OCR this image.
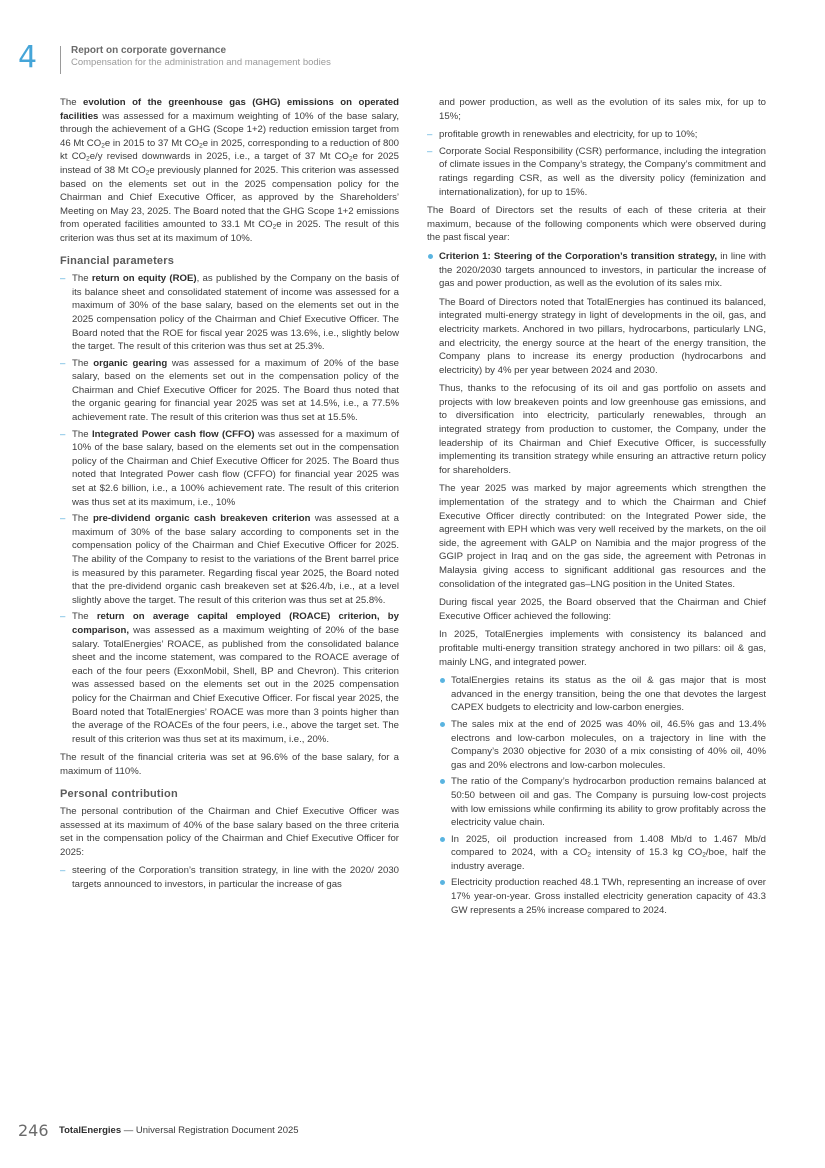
4	Report on corporate governance
Compensation for the administration and management bodies

The evolution of the greenhouse gas (GHG) emissions on operated facilities was assessed for a maximum weighting of 10% of the base salary, through the achievement of a GHG (Scope 1+2) reduction emission target from 46 Mt $CO_2e$ in 2015 to 37 Mt $CO_2e$ in 2025, corresponding to a reduction of 800 kt $CO_2e/y$ revised downwards in 2025, i.e., a target of 37 Mt $CO_2e$ for 2025 instead of 38 Mt $CO_2e$ previously planned for 2025. This criterion was assessed based on the elements set out in the 2025 compensation policy for the Chairman and Chief Executive Officer, as approved by the Shareholders’ Meeting on May 23, 2025. The Board noted that the GHG Scope 1+2 emissions from operated facilities amounted to 33.1 Mt $CO_2e$ in 2025. The result of this criterion was thus set at its maximum of 10%.

Financial parameters
– The return on equity (ROE), as published by the Company on the basis of its balance sheet and consolidated statement of income was assessed for a maximum of 30% of the base salary, based on the elements set out in the 2025 compensation policy of the Chairman and Chief Executive Officer. The Board noted that the ROE for fiscal year 2025 was 13.6%, i.e., slightly below the target. The result of this criterion was thus set at 25.3%.
– The organic gearing was assessed for a maximum of 20% of the base salary, based on the elements set out in the compensation policy of the Chairman and Chief Executive Officer for 2025. The Board thus noted that the organic gearing for financial year 2025 was set at 14.5%, i.e., a 77.5% achievement rate. The result of this criterion was thus set at 15.5%.
– The Integrated Power cash flow (CFFO) was assessed for a maximum of 10% of the base salary, based on the elements set out in the compensation policy of the Chairman and Chief Executive Officer for 2025. The Board thus noted that Integrated Power cash flow (CFFO) for financial year 2025 was set at $2.6 billion, i.e., a 100% achievement rate. The result of this criterion was thus set at its maximum, i.e., 10%
– The pre-dividend organic cash breakeven criterion was assessed at a maximum of 30% of the base salary according to components set in the compensation policy of the Chairman and Chief Executive Officer for 2025. The ability of the Company to resist to the variations of the Brent barrel price is measured by this parameter. Regarding fiscal year 2025, the Board noted that the pre-dividend organic cash breakeven set at $26.4/b, i.e., at a level slightly above the target. The result of this criterion was thus set at 25.8%.
– The return on average capital employed (ROACE) criterion, by comparison, was assessed as a maximum weighting of 20% of the base salary. TotalEnergies’ ROACE, as published from the consolidated balance sheet and the income statement, was compared to the ROACE average of each of the four peers (ExxonMobil, Shell, BP and Chevron). This criterion was assessed based on the elements set out in the 2025 compensation policy for the Chairman and Chief Executive Officer. For fiscal year 2025, the Board noted that TotalEnergies’ ROACE was more than 3 points higher than the average of the ROACEs of the four peers, i.e., above the target set. The result of this criterion was thus set at its maximum, i.e., 20%.

The result of the financial criteria was set at 96.6% of the base salary, for a maximum of 110%.

Personal contribution

The personal contribution of the Chairman and Chief Executive Officer was assessed at its maximum of 40% of the base salary based on the three criteria set in the compensation policy of the Chairman and Chief Executive Officer for 2025:

– steering of the Corporation’s transition strategy, in line with the 2020/ 2030 targets announced to investors, in particular the increase of gas

and power production, as well as the evolution of its sales mix, for up to 15%;

– profitable growth in renewables and electricity, for up to 10%;
– Corporate Social Responsibility (CSR) performance, including the integration of climate issues in the Company’s strategy, the Company’s commitment and ratings regarding CSR, as well as the diversity policy (feminization and internationalization), for up to 15%.

The Board of Directors set the results of each of these criteria at their maximum, because of the following components which were observed during the past fiscal year:

Criterion 1: Steering of the Corporation’s transition strategy, in line with the 2020/2030 targets announced to investors, in particular the increase of gas and power production, as well as the evolution of its sales mix.

The Board of Directors noted that TotalEnergies has continued its balanced, integrated multi-energy strategy in light of developments in the oil, gas, and electricity markets. Anchored in two pillars, hydrocarbons, particularly LNG, and electricity, the energy source at the heart of the energy transition, the Company plans to increase its energy production (hydrocarbons and electricity) by 4% per year between 2024 and 2030.

Thus, thanks to the refocusing of its oil and gas portfolio on assets and projects with low breakeven points and low greenhouse gas emissions, and to diversification into electricity, particularly renewables, through an integrated strategy from production to customer, the Company, under the leadership of its Chairman and Chief Executive Officer, is successfully implementing its transition strategy while ensuring an attractive return policy for shareholders.

The year 2025 was marked by major agreements which strengthen the implementation of the strategy and to which the Chairman and Chief Executive Officer directly contributed: on the Integrated Power side, the agreement with EPH which was very well received by the markets, on the oil side, the agreement with GALP on Namibia and the major progress of the GGIP project in Iraq and on the gas side, the agreement with Petronas in Malaysia giving access to significant additional gas resources and the consolidation of the integrated gas–LNG position in the United States.

During fiscal year 2025, the Board observed that the Chairman and Chief Executive Officer achieved the following:

In 2025, TotalEnergies implements with consistency its balanced and profitable multi-energy transition strategy anchored in two pillars: oil & gas, mainly LNG, and integrated power.

TotalEnergies retains its status as the oil & gas major that is most advanced in the energy transition, being the one that devotes the largest CAPEX budgets to electricity and low-carbon energies.
The sales mix at the end of 2025 was 40% oil, 46.5% gas and 13.4% electrons and low-carbon molecules, on a trajectory in line with the Company’s 2030 objective for 2030 of a mix consisting of 40% oil, 40% gas and 20% electrons and low-carbon molecules.
The ratio of the Company’s hydrocarbon production remains balanced at 50:50 between oil and gas. The Company is pursuing low-cost projects with low emissions while confirming its ability to grow profitably across the electricity value chain.
In 2025, oil production increased from 1.408 Mb/d to 1.467 Mb/d compared to 2024, with a $CO_2$ intensity of 15.3 kg $CO_2$/boe, half the industry average.
Electricity production reached 48.1 TWh, representing an increase of over 17% year-on-year. Gross installed electricity generation capacity of 43.3 GW represents a 25% increase compared to 2024.
246 TotalEnergies — Universal Registration Document 2025
